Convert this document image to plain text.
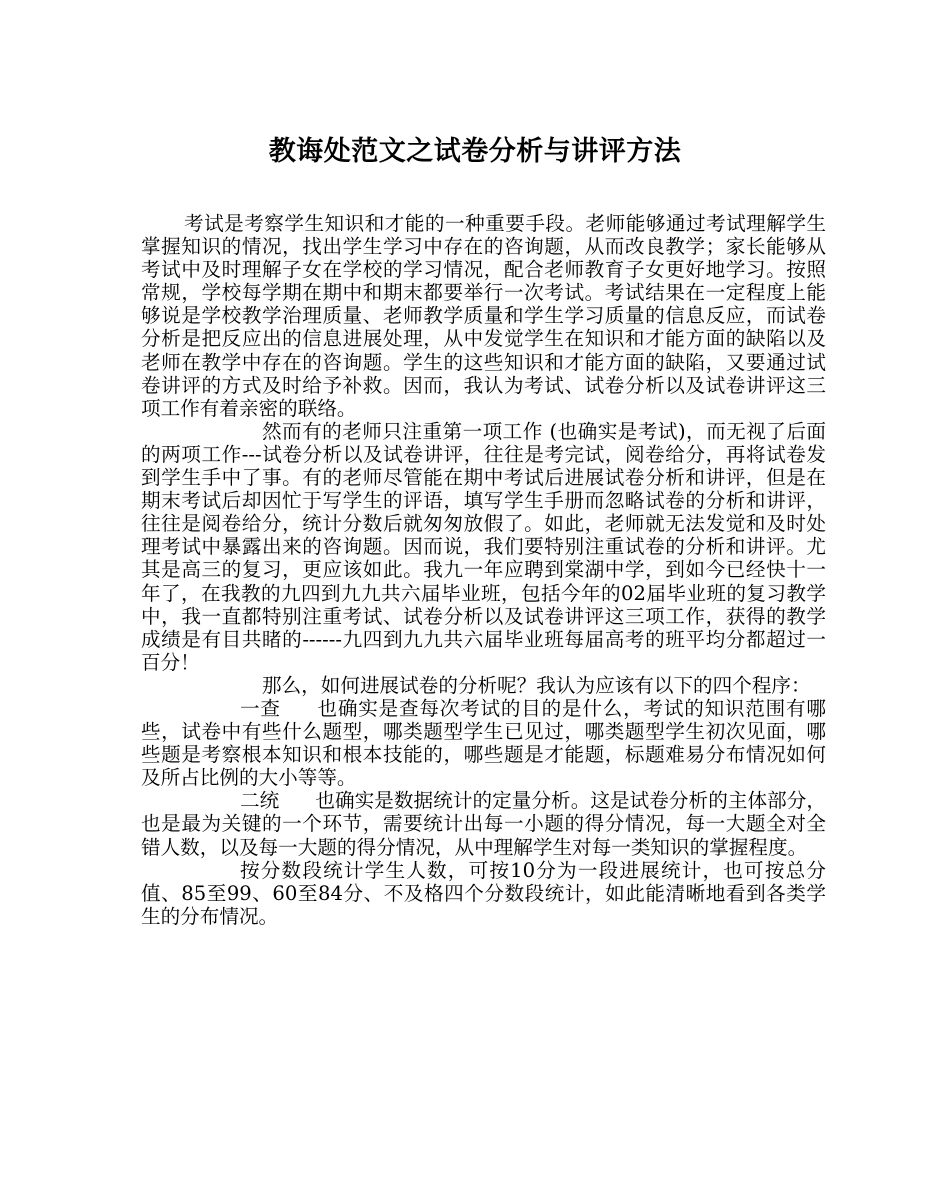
教诲处范文之试卷分析与讲评方法

考试是考察学生知识和才能的一种重要手段。老师能够通过考试理解学生掌握知识的情况，找出学生学习中存在的咨询题，从而改良教学；家长能够从考试中及时理解子女在学校的学习情况，配合老师教育子女更好地学习。按照常规，学校每学期在期中和期末都要举行一次考试。考试结果在一定程度上能够说是学校教学治理质量、老师教学质量和学生学习质量的信息反应，而试卷分析是把反应出的信息进展处理，从中发觉学生在知识和才能方面的缺陷以及老师在教学中存在的咨询题。学生的这些知识和才能方面的缺陷，又要通过试卷讲评的方式及时给予补救。因而，我认为考试、试卷分析以及试卷讲评这三项工作有着亲密的联络。

然而有的老师只注重第一项工作 (也确实是考试)，而无视了后面的两项工作---试卷分析以及试卷讲评，往往是考完试，阅卷给分，再将试卷发到学生手中了事。有的老师尽管能在期中考试后进展试卷分析和讲评，但是在期末考试后却因忙于写学生的评语，填写学生手册而忽略试卷的分析和讲评，往往是阅卷给分，统计分数后就匆匆放假了。如此，老师就无法发觉和及时处理考试中暴露出来的咨询题。因而说，我们要特别注重试卷的分析和讲评。尤其是高三的复习，更应该如此。我九一年应聘到棠湖中学，到如今已经快十一年了，在我教的九四到九九共六届毕业班，包括今年的02届毕业班的复习教学中，我一直都特别注重考试、试卷分析以及试卷讲评这三项工作，获得的教学成绩是有目共睹的------九四到九九共六届毕业班每届高考的班平均分都超过一百分！

那么，如何进展试卷的分析呢？我认为应该有以下的四个程序：

一查 也确实是查每次考试的目的是什么，考试的知识范围有哪些，试卷中有些什么题型，哪类题型学生已见过，哪类题型学生初次见面，哪些题是考察根本知识和根本技能的，哪些题是才能题，标题难易分布情况如何及所占比例的大小等等。

二统 也确实是数据统计的定量分析。这是试卷分析的主体部分，也是最为关键的一个环节，需要统计出每一小题的得分情况，每一大题全对全错人数，以及每一大题的得分情况，从中理解学生对每一类知识的掌握程度。

按分数段统计学生人数，可按10分为一段进展统计，也可按总分值、85至99、60至84分、不及格四个分数段统计，如此能清晰地看到各类学生的分布情况。
